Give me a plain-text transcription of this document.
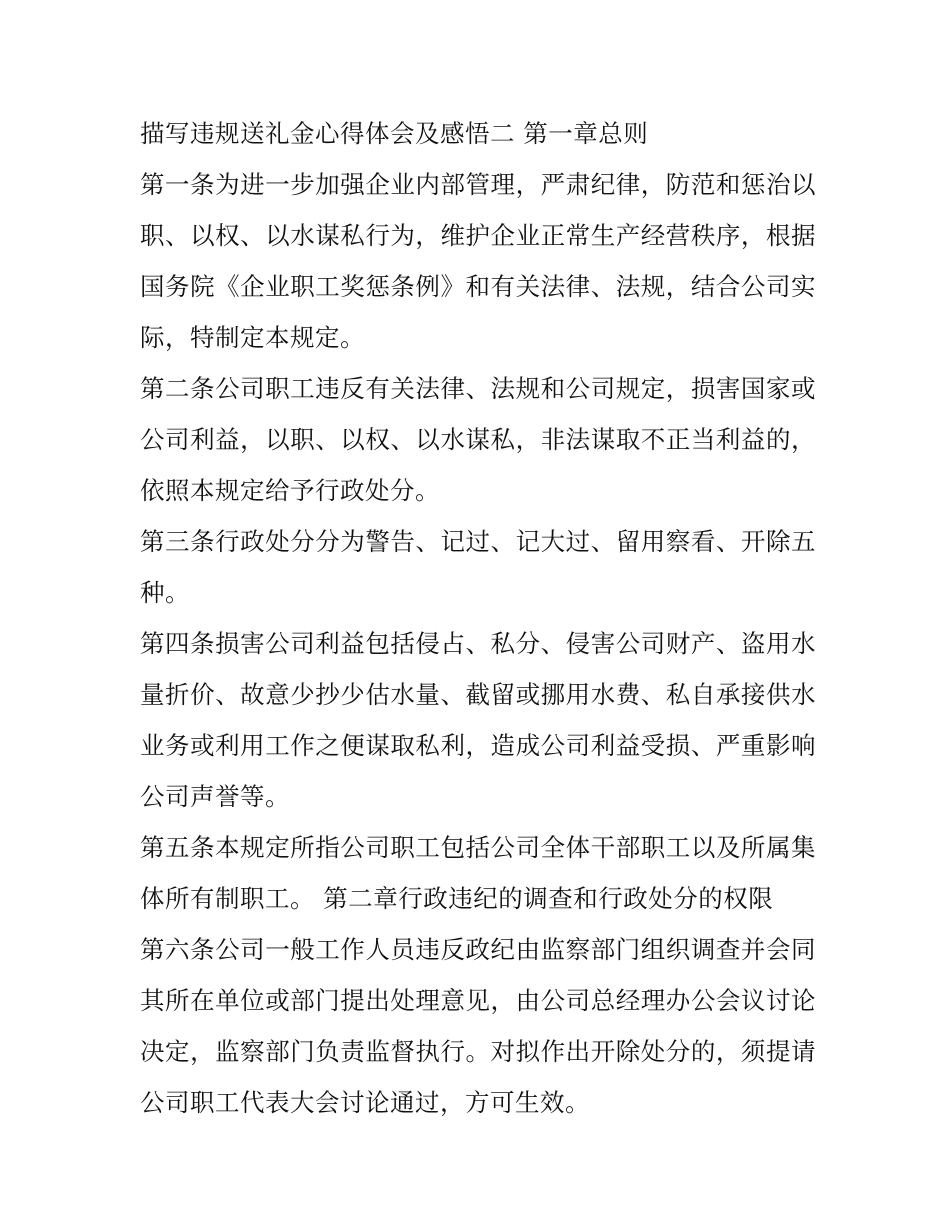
描写违规送礼金心得体会及感悟二 第一章总则

第一条为进一步加强企业内部管理，严肃纪律，防范和惩治以职、以权、以水谋私行为，维护企业正常生产经营秩序，根据国务院《企业职工奖惩条例》和有关法律、法规，结合公司实际，特制定本规定。

第二条公司职工违反有关法律、法规和公司规定，损害国家或公司利益，以职、以权、以水谋私，非法谋取不正当利益的，依照本规定给予行政处分。

第三条行政处分分为警告、记过、记大过、留用察看、开除五种。

第四条损害公司利益包括侵占、私分、侵害公司财产、盗用水量折价、故意少抄少估水量、截留或挪用水费、私自承接供水业务或利用工作之便谋取私利，造成公司利益受损、严重影响公司声誉等。

第五条本规定所指公司职工包括公司全体干部职工以及所属集体所有制职工。 第二章行政违纪的调查和行政处分的权限

第六条公司一般工作人员违反政纪由监察部门组织调查并会同其所在单位或部门提出处理意见，由公司总经理办公会议讨论决定，监察部门负责监督执行。对拟作出开除处分的，须提请公司职工代表大会讨论通过，方可生效。
